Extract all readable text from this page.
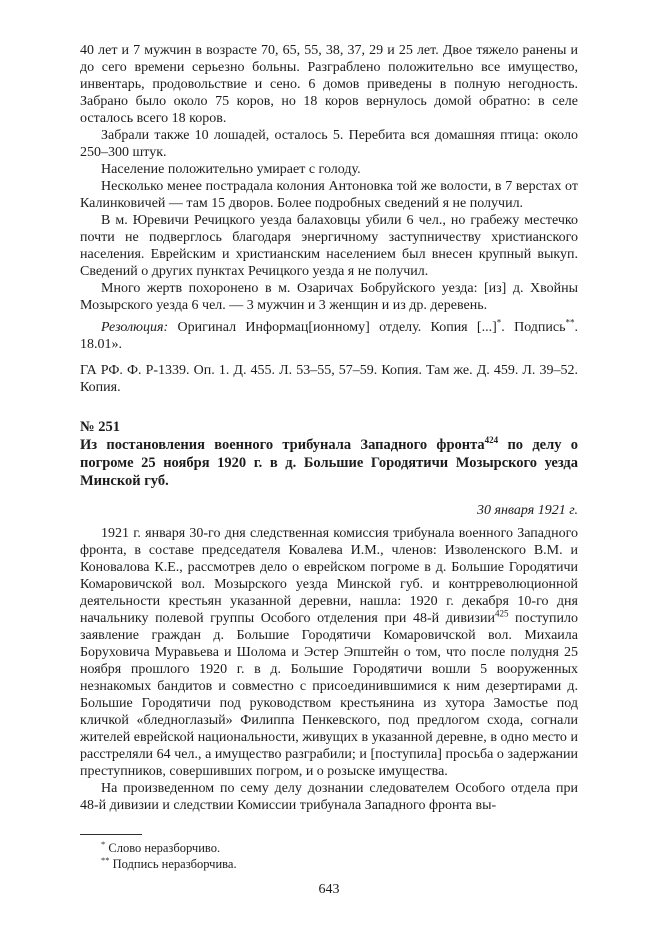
40 лет и 7 мужчин в возрасте 70, 65, 55, 38, 37, 29 и 25 лет. Двое тяжело ранены и до сего времени серьезно больны. Разграблено положительно все имущество, инвентарь, продовольствие и сено. 6 домов приведены в полную негодность. Забрано было около 75 коров, но 18 коров вернулось домой обратно: в селе осталось всего 18 коров.

Забрали также 10 лошадей, осталось 5. Перебита вся домашняя птица: около 250–300 штук.

Население положительно умирает с голоду.

Несколько менее пострадала колония Антоновка той же волости, в 7 верстах от Калинковичей — там 15 дворов. Более подробных сведений я не получил.

В м. Юревичи Речицкого уезда балаховцы убили 6 чел., но грабежу местечко почти не подверглось благодаря энергичному заступничеству христианского населения. Еврейским и христианским населением был внесен крупный выкуп. Сведений о других пунктах Речицкого уезда я не получил.

Много жертв похоронено в м. Озаричах Бобруйского уезда: [из] д. Хвойны Мозырского уезда 6 чел. — 3 мужчин и 3 женщин и из др. деревень.

Резолюция: Оригинал Информац[ионному] отделу. Копия [...]*. Подпись**. 18.01».

ГА РФ. Ф. Р-1339. Оп. 1. Д. 455. Л. 53–55, 57–59. Копия. Там же. Д. 459. Л. 39–52. Копия.

№ 251

Из постановления военного трибунала Западного фронта$^{424}$ по делу о погроме 25 ноября 1920 г. в д. Большие Городятичи Мозырского уезда Минской губ.

30 января 1921 г.

1921 г. января 30-го дня следственная комиссия трибунала военного Западного фронта, в составе председателя Ковалева И.М., членов: Изволенского В.М. и Коновалова К.Е., рассмотрев дело о еврейском погроме в д. Большие Городятичи Комаровичской вол. Мозырского уезда Минской губ. и контрреволюционной деятельности крестьян указанной деревни, нашла: 1920 г. декабря 10-го дня начальнику полевой группы Особого отделения при 48-й дивизии$^{425}$ поступило заявление граждан д. Большие Городятичи Комаровичской вол. Михаила Боруховича Муравьева и Шолома и Эстер Эпштейн о том, что после полудня 25 ноября прошлого 1920 г. в д. Большие Городятичи вошли 5 вооруженных незнакомых бандитов и совместно с присоединившимися к ним дезертирами д. Большие Городятичи под руководством крестьянина из хутора Замостье под кличкой «бледноглазый» Филиппа Пенкевского, под предлогом схода, согнали жителей еврейской национальности, живущих в указанной деревне, в одно место и расстреляли 64 чел., а имущество разграбили; и [поступила] просьба о задержании преступников, совершивших погром, и о розыске имущества.

На произведенном по сему делу дознании следователем Особого отдела при 48-й дивизии и следствии Комиссии трибунала Западного фронта вы-

* Слово неразборчиво.

** Подпись неразборчива.

643
